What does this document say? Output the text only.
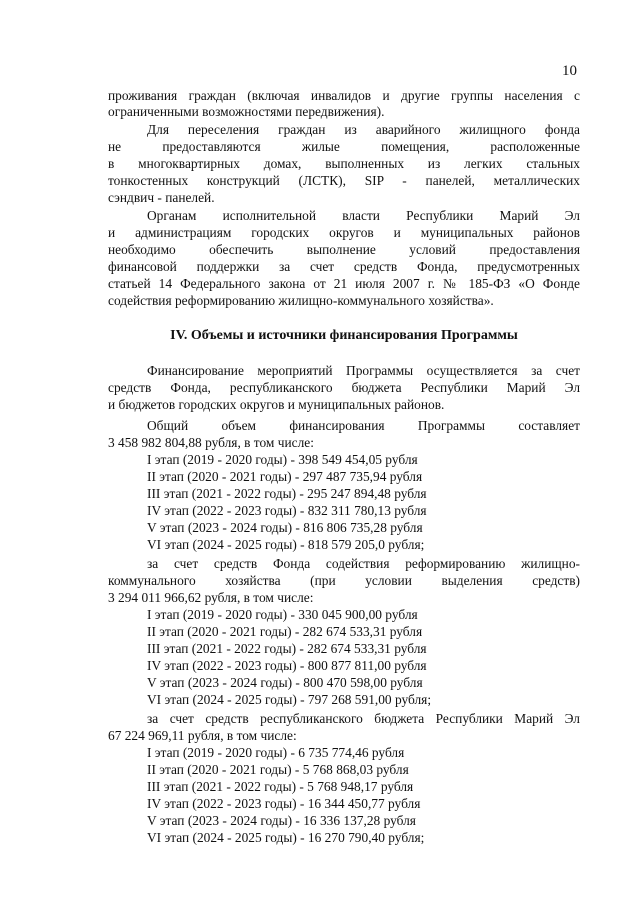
10
проживания граждан (включая инвалидов и другие группы населения с
ограниченными возможностями передвижения).
Для переселения граждан из аварийного жилищного фонда
не предоставляются жилые помещения, расположенные
в многоквартирных домах, выполненных из легких стальных
тонкостенных конструкций (ЛСТК), SIP - панелей, металлических
сэндвич - панелей.
Органам исполнительной власти Республики Марий Эл
и администрациям городских округов и муниципальных районов
необходимо обеспечить выполнение условий предоставления
финансовой поддержки за счет средств Фонда, предусмотренных
статьей 14 Федерального закона от 21 июля 2007 г. № 185-ФЗ «О Фонде
содействия реформированию жилищно-коммунального хозяйства».
IV. Объемы и источники финансирования Программы
Финансирование мероприятий Программы осуществляется за счет
средств Фонда, республиканского бюджета Республики Марий Эл
и бюджетов городских округов и муниципальных районов.
Общий объем финансирования Программы составляет
3 458 982 804,88 рубля, в том числе:
I этап (2019 - 2020 годы) - 398 549 454,05 рубля
II этап (2020 - 2021 годы) - 297 487 735,94 рубля
III этап (2021 - 2022 годы) - 295 247 894,48 рубля
IV этап (2022 - 2023 годы) - 832 311 780,13 рубля
V этап (2023 - 2024 годы) - 816 806 735,28 рубля
VI этап (2024 - 2025 годы) - 818 579 205,0 рубля;
за счет средств Фонда содействия реформированию жилищно-
коммунального хозяйства (при условии выделения средств)
3 294 011 966,62 рубля, в том числе:
I этап (2019 - 2020 годы) - 330 045 900,00 рубля
II этап (2020 - 2021 годы) - 282 674 533,31 рубля
III этап (2021 - 2022 годы) - 282 674 533,31 рубля
IV этап (2022 - 2023 годы) - 800 877 811,00 рубля
V этап (2023 - 2024 годы) - 800 470 598,00 рубля
VI этап (2024 - 2025 годы) - 797 268 591,00 рубля;
за счет средств республиканского бюджета Республики Марий Эл
67 224 969,11 рубля, в том числе:
I этап (2019 - 2020 годы) - 6 735 774,46 рубля
II этап (2020 - 2021 годы) - 5 768 868,03 рубля
III этап (2021 - 2022 годы) - 5 768 948,17 рубля
IV этап (2022 - 2023 годы) - 16 344 450,77 рубля
V этап (2023 - 2024 годы) - 16 336 137,28 рубля
VI этап (2024 - 2025 годы) - 16 270 790,40 рубля;
